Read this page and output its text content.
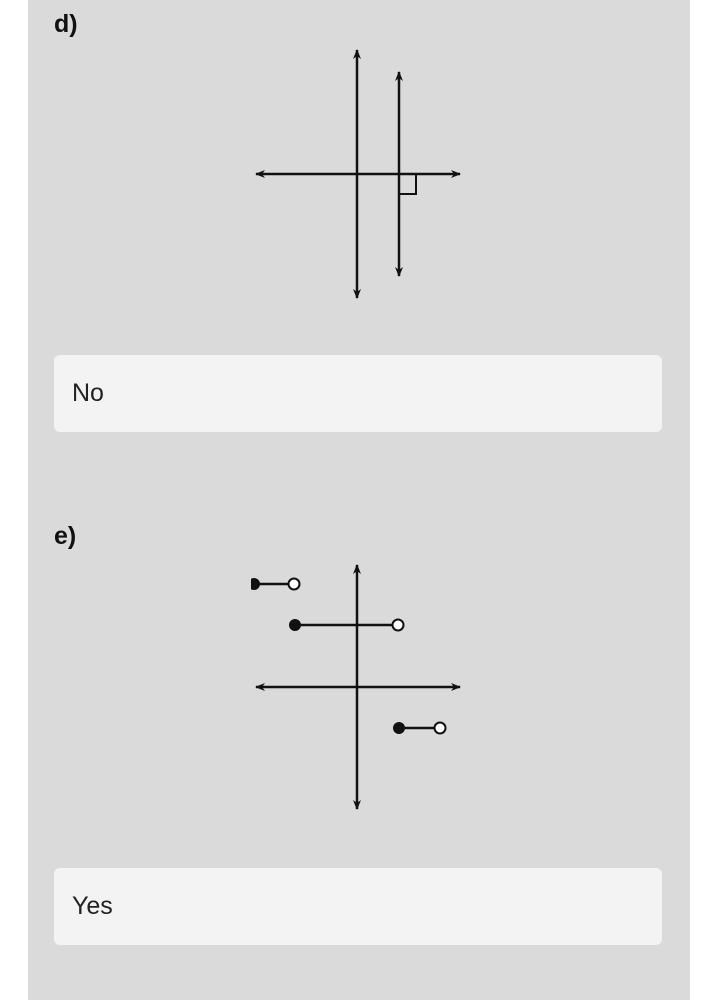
d)
No
e)
Yes
